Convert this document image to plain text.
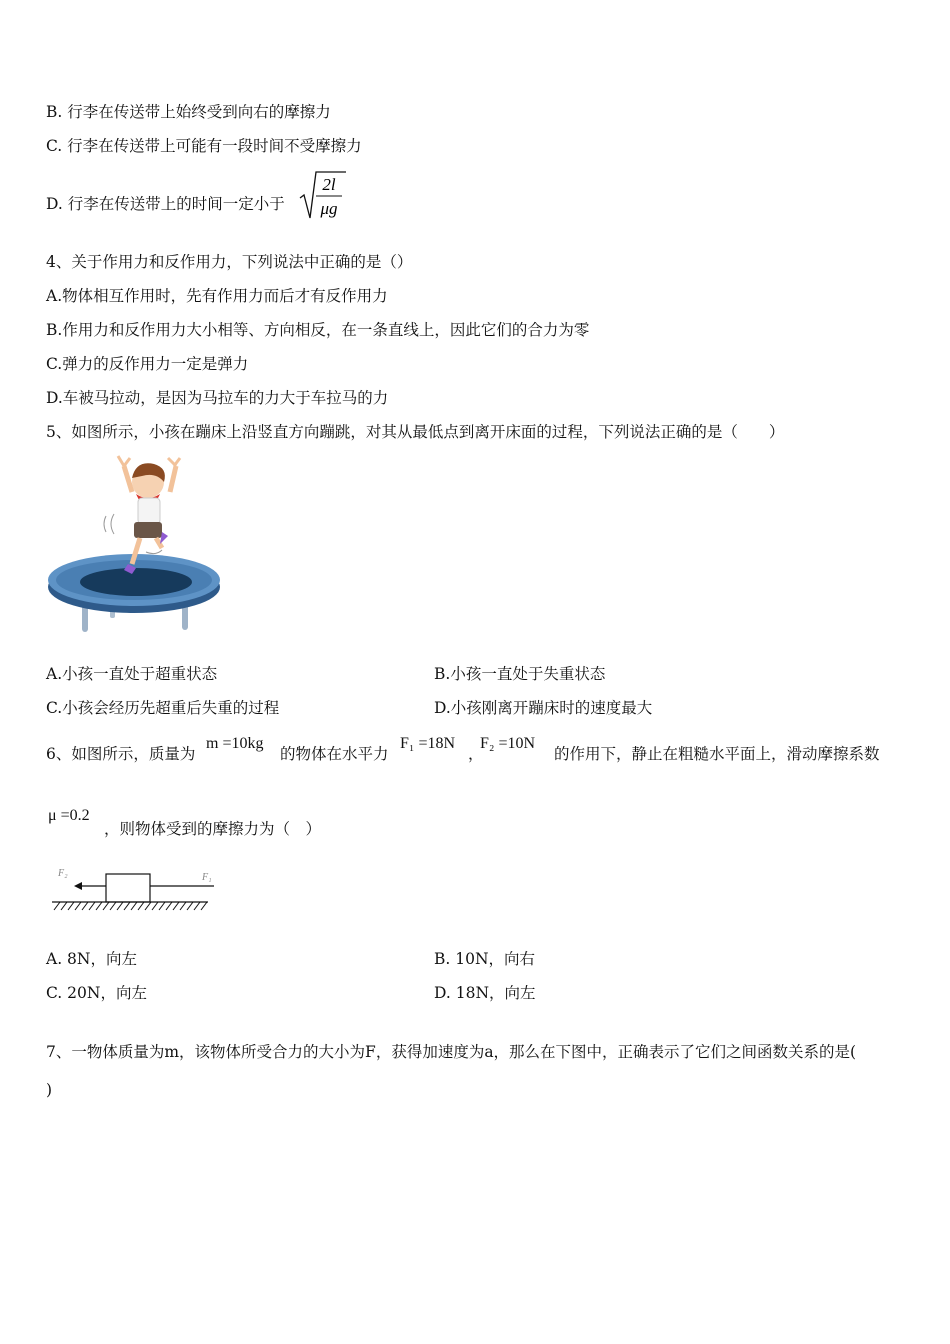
B. 行李在传送带上始终受到向右的摩擦力
C. 行李在传送带上可能有一段时间不受摩擦力
D. 行李在传送带上的时间一定小于
2l
μg
4、关于作用力和反作用力，下列说法中正确的是（）
A.物体相互作用时，先有作用力而后才有反作用力
B.作用力和反作用力大小相等、方向相反，在一条直线上，因此它们的合力为零
C.弹力的反作用力一定是弹力
D.车被马拉动，是因为马拉车的力大于车拉马的力
5、如图所示，小孩在蹦床上沿竖直方向蹦跳，对其从最低点到离开床面的过程，下列说法正确的是（　　）
A.小孩一直处于超重状态	B.小孩一直处于失重状态
C.小孩会经历先超重后失重的过程	D.小孩刚离开蹦床时的速度最大
6、如图所示，质量为
m =10kg
的物体在水平力
F₁ =18N
，
F₂ =10N
的作用下，静止在粗糙水平面上，滑动摩擦系数
μ =0.2
，则物体受到的摩擦力为（　）
F₂	F₁
A. 8N，向左	B. 10N，向右
C. 20N，向左	D. 18N，向左
7、一物体质量为m，该物体所受合力的大小为F，获得加速度为a，那么在下图中，正确表示了它们之间函数关系的是(
)
